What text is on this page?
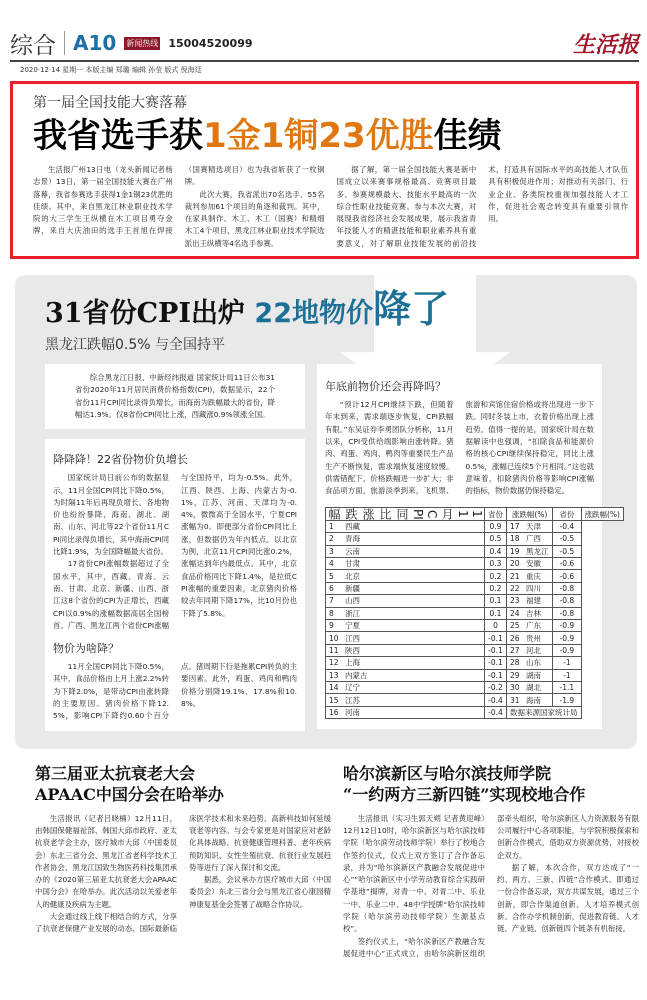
综合 A10 新闻热线 15004520099	生活报
2020·12·14 星期一 本版主编 郑璐 编辑 孙莹 版式 倪海廷
第一届全国技能大赛落幕
我省选手获1金1铜23优胜佳绩

生活报广州13日电（龙头新闻记者杨志景）13日，第一届全国技能大赛在广州落幕，我省参赛选手获得1金1铜23优胜的佳绩。其中，来自黑龙江林业职业技术学院的大三学生王纵横在木工项目勇夺金牌，来自大庆油田的选手王首旭在焊接（国赛精选项目）也为我省斩获了一枚铜牌。

此次大赛，我省派出70名选手、55名裁判参加61个项目的角逐和裁判。其中，在家具制作、木工、木工（国赛）和精细木工4个项目，黑龙江林业职业技术学院选派出王纵横等4名选手参赛。

据了解，第一届全国技能大赛是新中国成立以来赛事规格最高、竞赛项目最多、参赛规模最大、技能水平最高的一次综合性职业技能竞赛。参与本次大赛，对展现我省经济社会发展成果，展示我省青年技能人才的精湛技能和职业素养具有重要意义，对了解职业技能发展的前沿技术，打造具有国际水平的高技能人才队伍具有积极促进作用；对推动有关部门、行业企业、各类院校重视加强技能人才工作，促进社会观念转变具有重要引领作用。

31省份CPI出炉 22地物价降了
黑龙江跌幅0.5% 与全国持平

综合黑龙江日报、中新经纬报道 国家统计局11日公布31省份2020年11月居民消费价格指数(CPI)，数据显示，22个省份11月CPI同比录得负增长，而海南为跌幅最大的省份，降幅达1.9%。仅8省份CPI同比上涨，西藏涨0.9%领涨全国。

降降降！22省份物价负增长

国家统计局日前公布的数据显示，11月全国CPI同比下降0.5%，为时隔11年后再现负增长。各地物价也纷纷暴降，海南、湖北、湖南、山东、河北等22个省份11月CPI同比录得负增长，其中海南CPI同比降1.9%，为全国降幅最大省份。

17省份CPI涨幅数据超过了全国水平，其中，西藏、青海、云南、甘肃、北京、新疆、山西、浙江这8个省份的CPI为正增长，西藏CPI以0.9%的涨幅数据高居全国榜首。广西、黑龙江两个省份CPI涨幅与全国持平，均为-0.5%。此外，江西、陕西、上海、内蒙古为-0.1%，江苏、河南、天津均为-0.4%，微微高于全国水平，宁夏CPI涨幅为0。即便部分省份CPI同比上涨，但数据仍为年内低点。以北京为例，北京11月CPI同比涨0.2%，涨幅达到年内最低点。其中，北京食品价格同比下降1.4%，是拉低CPI涨幅的重要因素，北京猪肉价格较去年同期下降17%，比10月份也下降了5.8%。

物价为啥降？

11月全国CPI同比下降0.5%，其中，食品价格由上月上涨2.2%转为下降2.0%，是带动CPI由涨转降的主要原因。猪肉价格下降12.5%，影响CPI下降约0.60个百分点。猪周期下行是拖累CPI转负的主要因素。此外，鸡蛋、鸡肉和鸭肉价格分别降19.1%、17.8%和10.8%。

年底前物价还会再降吗？

“预计12月CPI继续下跌，但随着年末到来，需求端逐步恢复，CPI跌幅有限。”东吴证券李勇团队分析称，11月以来，CPI受供给端影响由涨转降。猪肉、鸡蛋、鸡肉、鸭肉等重要民生产品生产不断恢复，需求端恢复速度较慢。供需错配下，价格跌幅进一步扩大；非食品项方面，旅游淡季到来，飞机票、旅游和宾馆住宿价格或将出现进一步下跌。同时冬装上市，衣着价格出现上涨趋势。值得一提的是，国家统计局在数据解读中也强调，“扣除食品和能源价格的核心CPI继续保持稳定，同比上涨0.5%，涨幅已连续5个月相同。”这也就意味着，扣除猪肉价格等影响CPI涨幅的指标，物价数据仍保持稳定。

11月CPI同比涨跌幅	省份	涨跌幅(%)	省份	涨跌幅(%)
1 西藏	0.9	17 天津	-0.4	
2 青海	0.5	18 广西	-0.5	
3 云南	0.4	19 黑龙江	-0.5	
4 甘肃	0.3	20 安徽	-0.6	
5 北京	0.2	21 重庆	-0.6	
6 新疆	0.2	22 四川	-0.8	
7 山西	0.1	23 福建	-0.8	
8 浙江	0.1	24 吉林	-0.8	
9 宁夏	0	25 广东	-0.9	
10 江西	-0.1	26 贵州	-0.9	
11 陕西	-0.1	27 河北	-0.9	
12 上海	-0.1	28 山东	-1	
13 内蒙古	-0.1	29 湖南	-1	
14 辽宁	-0.2	30 湖北	-1.1	
15 江苏	-0.4	31 海南	-1.9	
16 河南	-0.4	数据来源国家统计局		
第三届亚太抗衰老大会
APAAC中国分会在哈举办

生活报讯（记者吕晓楠）12月11日，由韩国保健福祉部、韩国大邱市政府、亚太抗衰老学会主办，医疗城市大邱（中国委员会）东北三省分会、黑龙江省老科学技术工作者协会、黑龙江国致生物医药科技集团承办的《2020第三届亚太抗衰老大会APAAC中国分会》在哈举办。此次活动以关爱老年人的健康及疾病为主题。

大会通过线上线下相结合的方式，分享了抗衰老保健产业发展的动态、国际最新临床医学技术和未来趋势、高新科技如何延缓衰老等内容。与会专家更是对国家应对老龄化具体战略、抗衰健康管理科普、老年疾病预防知识、女性生殖抗衰、抗衰行业发展趋势等进行了深入探讨和交流。

据悉，会议承办方医疗城市大邱（中国委员会）东北三省分会与黑龙江省心康园精神康复基金会签署了战略合作协议。

哈尔滨新区与哈尔滨技师学院
“一约两方三新四链”实现校地合作

生活报讯（实习生郭天朔 记者黄迎峰）12月12日10时，哈尔滨新区与哈尔滨技师学院（哈尔滨劳动技师学院）举行了校地合作签约仪式，仪式上双方签订了合作备忘录，并为“哈尔滨新区产教融合发展促进中心”“哈尔滨新区中小学劳动教育综合实践研学基地”揭牌，对青一中、对青二中、乐业一中、乐业二中、48中学授牌“哈尔滨技师学院（哈尔滨劳动技师学院）生源基点校”。

签约仪式上，“哈尔滨新区产教融合发展促进中心”正式成立，由哈尔滨新区组织部牵头组织，哈尔滨新区人力资源服务有限公司履行中心各项职能，与学院积极探索和创新合作模式，借助双方资源优势，对接校企双方。

据了解，本次合作，双方达成了“一约、两方、三新、四链”合作模式。即通过一份合作备忘录，双方共谋发展，通过三个创新，即合作渠道创新、人才培养模式创新、合作办学机制创新，促进教育链、人才链、产业链、创新链四个链条有机衔接。
